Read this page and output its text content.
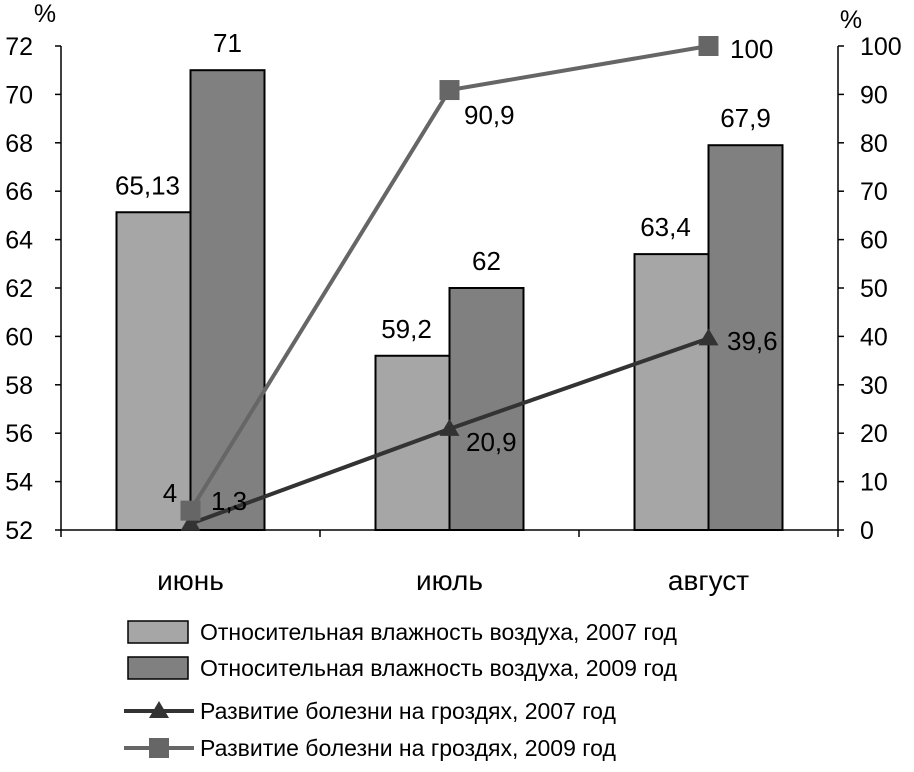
52
54
56
58
60
62
64
66
68
70
72
0
10
20
30
40
50
60
70
80
90
100
июнь	июль	август
%	%
65,13
71
59,2
62
63,4
67,9
1,3
20,9
39,6
4
90,9
100
Относительная влажность воздуха, 2007 год
Относительная влажность воздуха, 2009 год
Развитие болезни на гроздях, 2007 год
Развитие болезни на гроздях, 2009 год
